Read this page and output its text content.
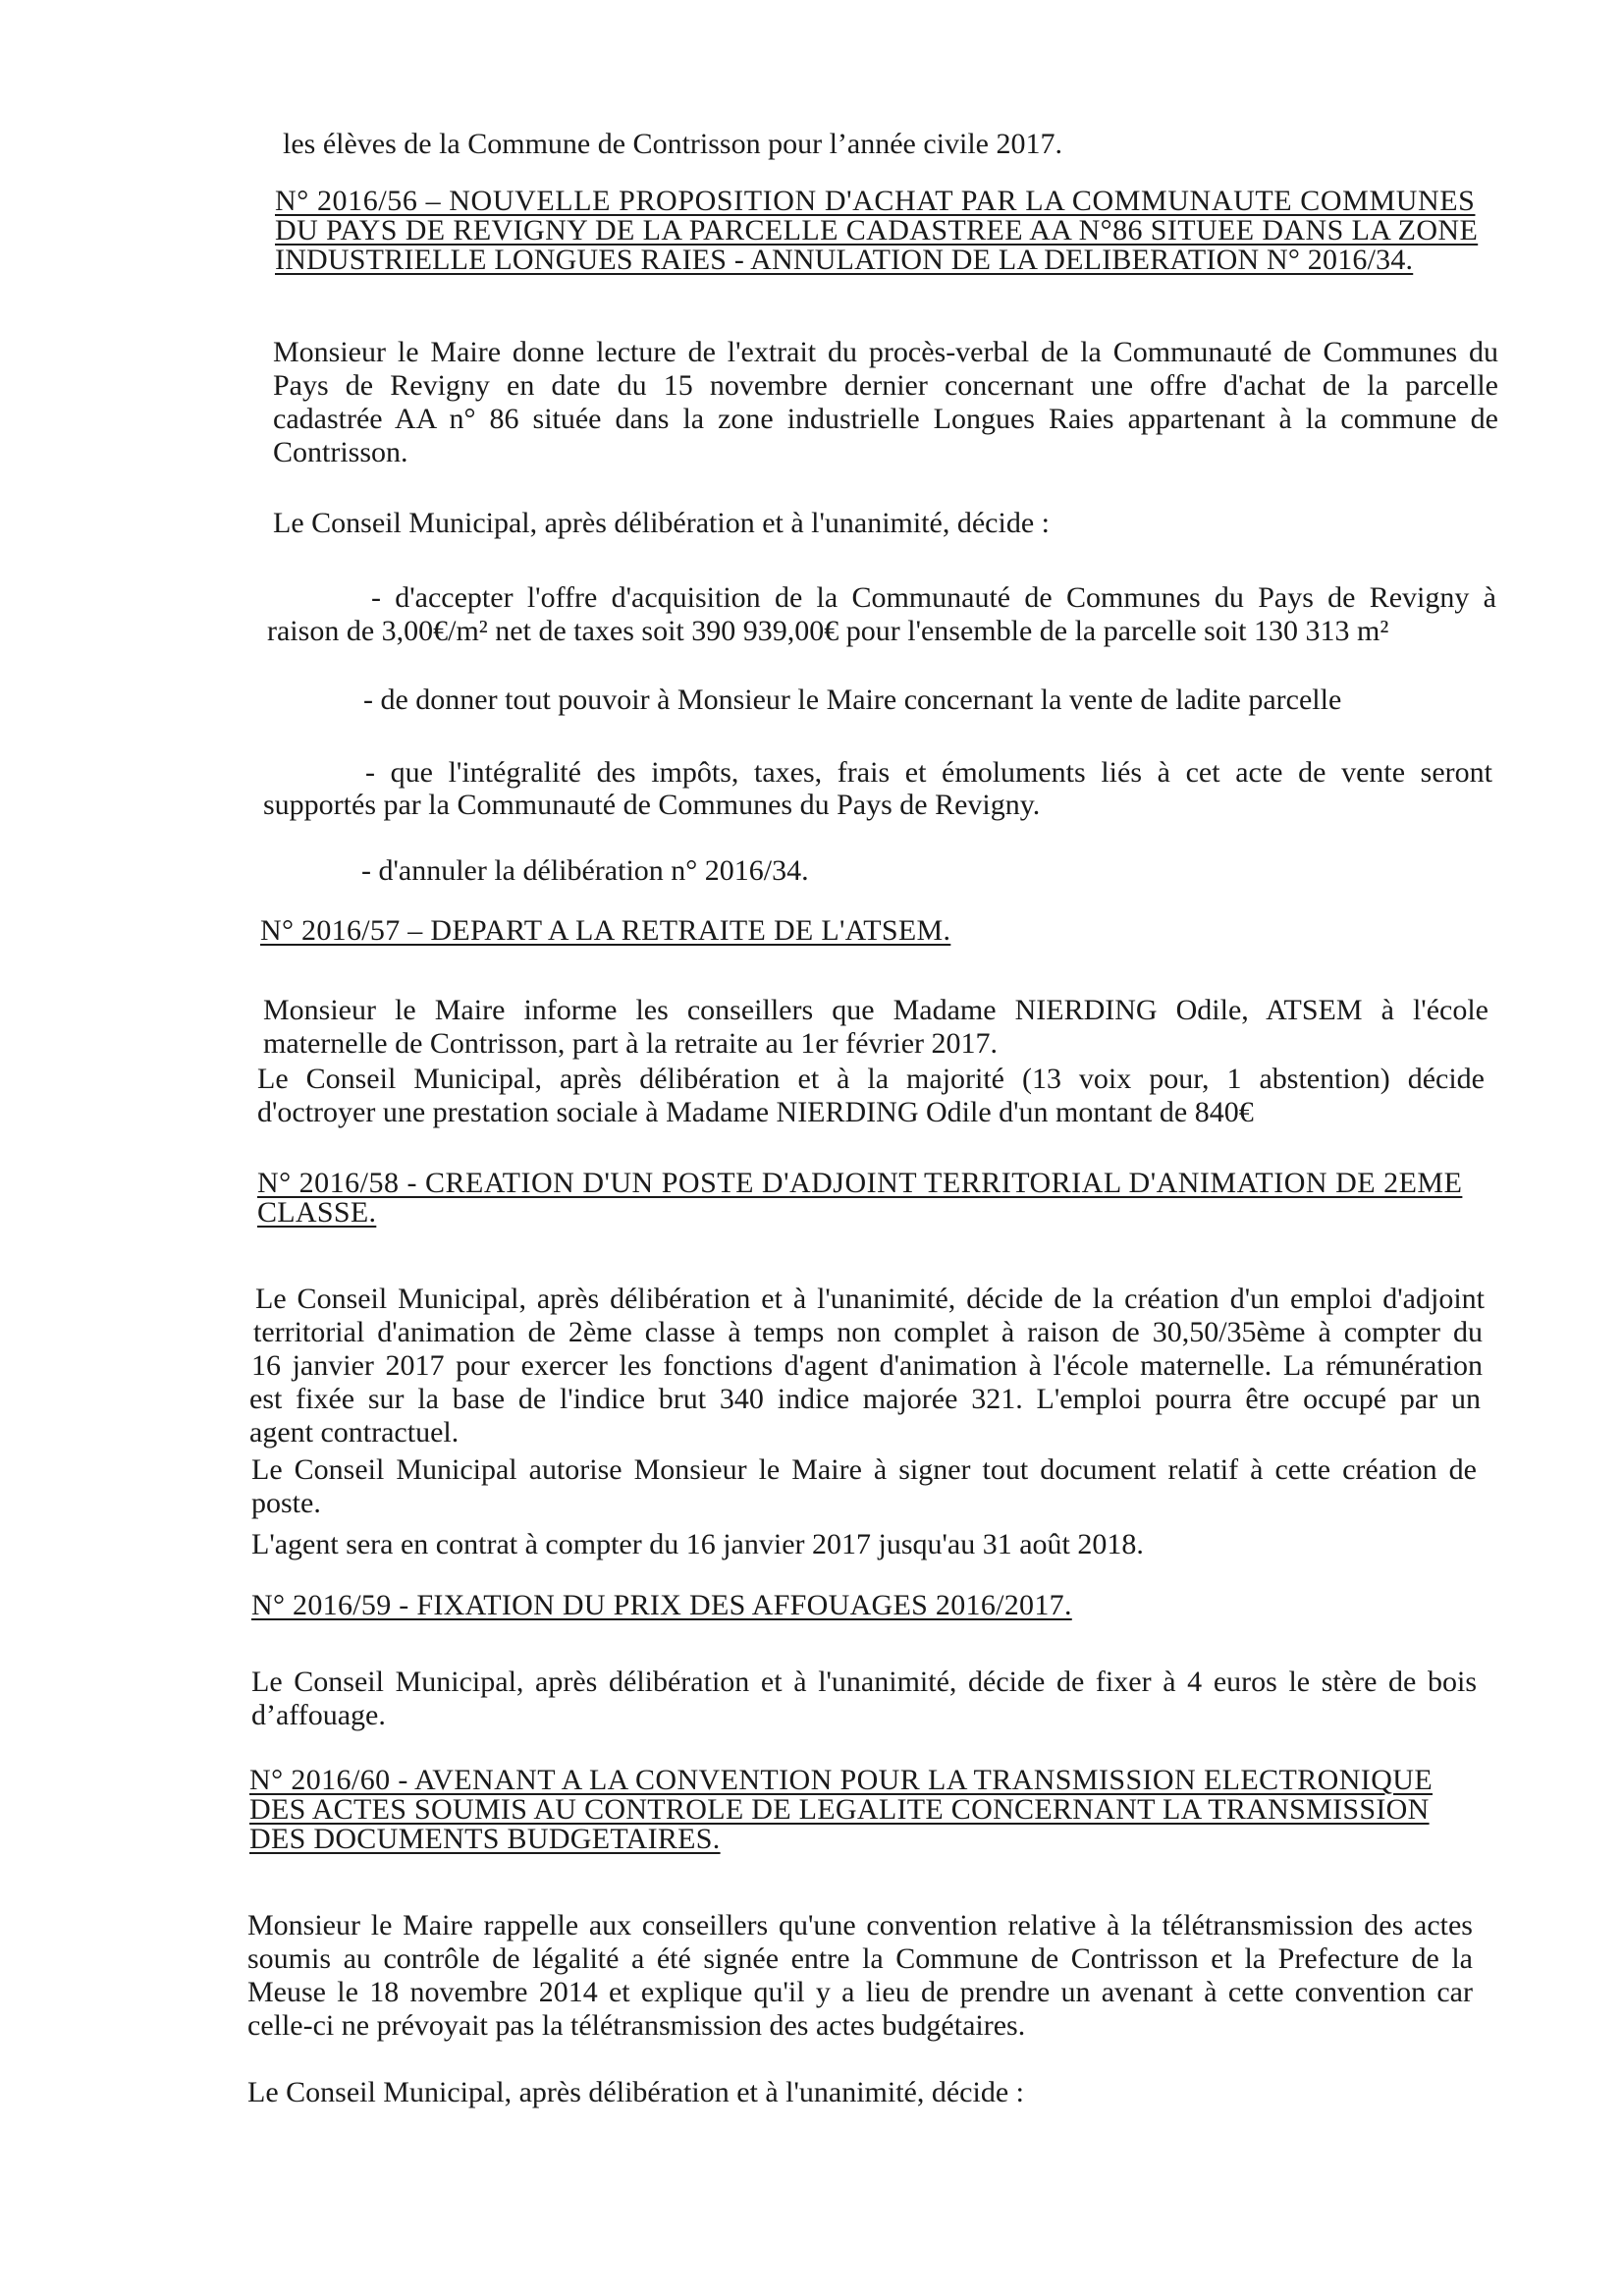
les élèves de la Commune de Contrisson pour l’année civile 2017.

N° 2016/56 – NOUVELLE PROPOSITION D'ACHAT PAR LA COMMUNAUTE COMMUNES
DU PAYS DE REVIGNY DE LA PARCELLE CADASTREE AA N°86 SITUEE DANS LA ZONE
INDUSTRIELLE LONGUES RAIES - ANNULATION DE LA DELIBERATION N° 2016/34.

Monsieur le Maire donne lecture de l'extrait du procès-verbal de la Communauté de Communes du

Pays de Revigny en date du 15 novembre dernier concernant une offre d'achat de la parcelle

cadastrée AA n° 86 située dans la zone industrielle Longues Raies appartenant à la commune de

Contrisson.

Le Conseil Municipal, après délibération et à l'unanimité, décide :

- d'accepter l'offre d'acquisition de la Communauté de Communes du Pays de Revigny à

raison de 3,00€/m² net de taxes soit 390 939,00€ pour l'ensemble de la parcelle soit 130 313 m²

- de donner tout pouvoir à Monsieur le Maire concernant la vente de ladite parcelle

- que l'intégralité des impôts, taxes, frais et émoluments liés à cet acte de vente seront

supportés par la Communauté de Communes du Pays de Revigny.

- d'annuler la délibération n° 2016/34.

N° 2016/57 – DEPART A LA RETRAITE DE L'ATSEM.

Monsieur le Maire informe les conseillers que Madame NIERDING Odile, ATSEM à l'école

maternelle de Contrisson, part à la retraite au 1er février 2017.

Le Conseil Municipal, après délibération et à la majorité (13 voix pour, 1 abstention) décide

d'octroyer une prestation sociale à Madame NIERDING Odile d'un montant de 840€

N° 2016/58 - CREATION D'UN POSTE D'ADJOINT TERRITORIAL D'ANIMATION DE 2EME
CLASSE.

Le Conseil Municipal, après délibération et à l'unanimité, décide de la création d'un emploi d'adjoint

territorial d'animation de 2ème classe à temps non complet à raison de 30,50/35ème à compter du

16 janvier 2017 pour exercer les fonctions d'agent d'animation à l'école maternelle. La rémunération

est fixée sur la base de l'indice brut 340 indice majorée 321. L'emploi pourra être occupé par un

agent contractuel.

Le Conseil Municipal autorise Monsieur le Maire à signer tout document relatif à cette création de

poste.

L'agent sera en contrat à compter du 16 janvier 2017 jusqu'au 31 août 2018.

N° 2016/59 - FIXATION DU PRIX DES AFFOUAGES 2016/2017.

Le Conseil Municipal, après délibération et à l'unanimité, décide de fixer à 4 euros le stère de bois

d’affouage.

N° 2016/60 - AVENANT A LA CONVENTION POUR LA TRANSMISSION ELECTRONIQUE
DES ACTES SOUMIS AU CONTROLE DE LEGALITE CONCERNANT LA TRANSMISSION
DES DOCUMENTS BUDGETAIRES.

Monsieur le Maire rappelle aux conseillers qu'une convention relative à la télétransmission des actes

soumis au contrôle de légalité a été signée entre la Commune de Contrisson et la Prefecture de la

Meuse le 18 novembre 2014 et explique qu'il y a lieu de prendre un avenant à cette convention car

celle-ci ne prévoyait pas la télétransmission des actes budgétaires.

Le Conseil Municipal, après délibération et à l'unanimité, décide :
